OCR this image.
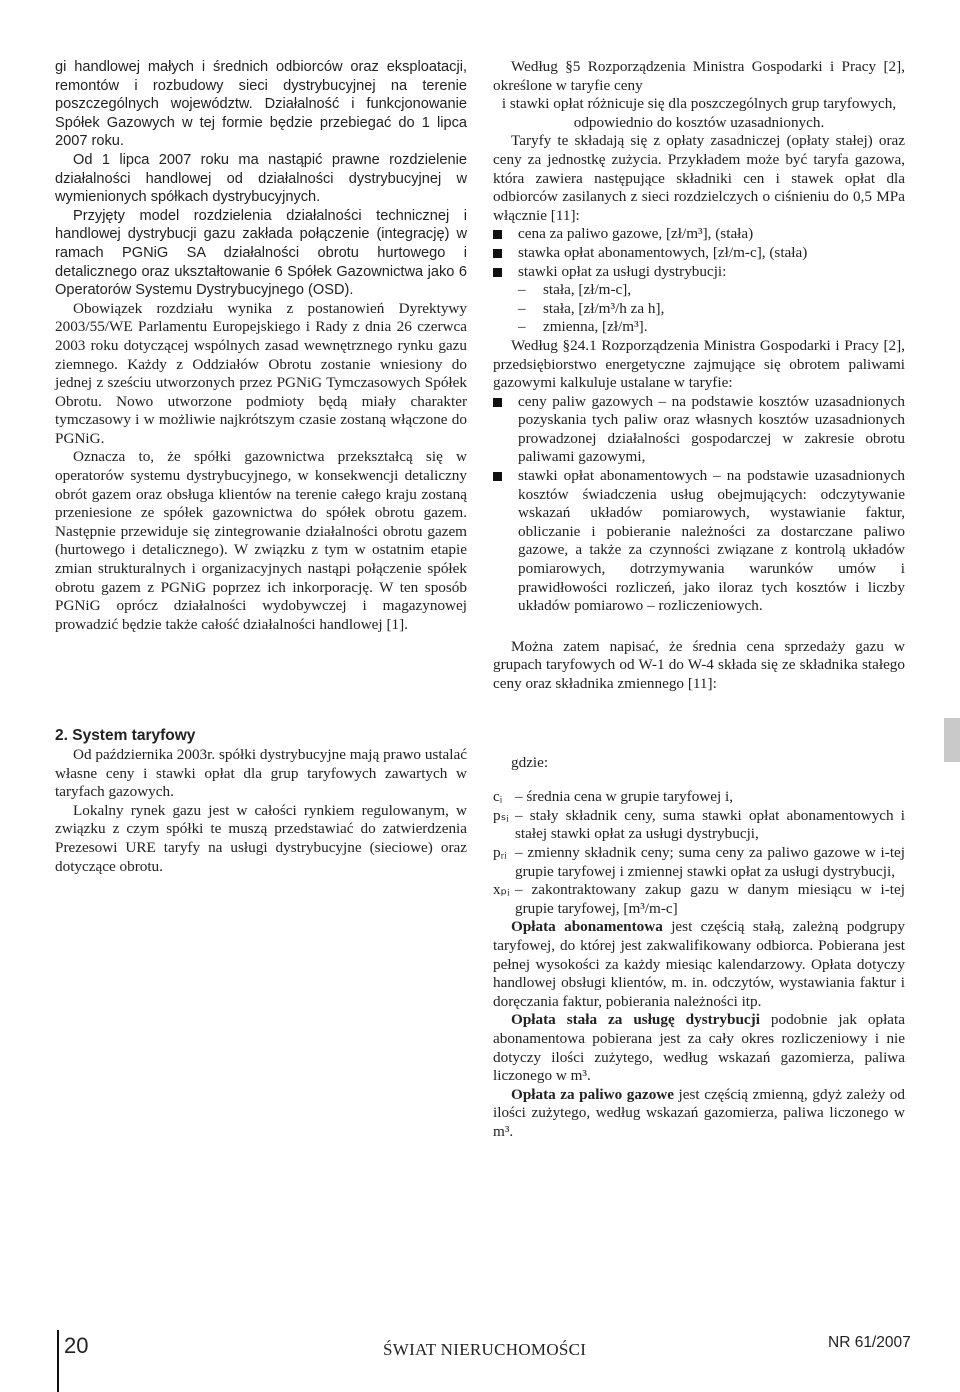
gi handlowej małych i średnich odbiorców oraz eksploatacji, remontów i rozbudowy sieci dystrybucyjnej na terenie poszczególnych województw. Działalność i funkcjonowanie Spółek Gazowych w tej formie będzie przebiegać do 1 lipca 2007 roku.

Od 1 lipca 2007 roku ma nastąpić prawne rozdzielenie działalności handlowej od działalności dystrybucyjnej w wymienionych spółkach dystrybucyjnych.

Przyjęty model rozdzielenia działalności technicznej i handlowej dystrybucji gazu zakłada połączenie (integrację) w ramach PGNiG SA działalności obrotu hurtowego i detalicznego oraz ukształtowanie 6 Spółek Gazownictwa jako 6 Operatorów Systemu Dystrybucyjnego (OSD).

Obowiązek rozdziału wynika z postanowień Dyrektywy 2003/55/WE Parlamentu Europejskiego i Rady z dnia 26 czerwca 2003 roku dotyczącej wspólnych zasad wewnętrznego rynku gazu ziemnego. Każdy z Oddziałów Obrotu zostanie wniesiony do jednej z sześciu utworzonych przez PGNiG Tymczasowych Spółek Obrotu. Nowo utworzone podmioty będą miały charakter tymczasowy i w możliwie najkrótszym czasie zostaną włączone do PGNiG.

Oznacza to, że spółki gazownictwa przekształcą się w operatorów systemu dystrybucyjnego, w konsekwencji detaliczny obrót gazem oraz obsługa klientów na terenie całego kraju zostaną przeniesione ze spółek gazownictwa do spółek obrotu gazem. Następnie przewiduje się zintegrowanie działalności obrotu gazem (hurtowego i detalicznego). W związku z tym w ostatnim etapie zmian strukturalnych i organizacyjnych nastąpi połączenie spółek obrotu gazem z PGNiG poprzez ich inkorporację. W ten sposób PGNiG oprócz działalności wydobywczej i magazynowej prowadzić będzie także całość działalności handlowej [1].

2. System taryfowy

Od października 2003r. spółki dystrybucyjne mają prawo ustalać własne ceny i stawki opłat dla grup taryfowych zawartych w taryfach gazowych.

Lokalny rynek gazu jest w całości rynkiem regulowanym, w związku z czym spółki te muszą przedstawiać do zatwierdzenia Prezesowi URE taryfy na usługi dystrybucyjne (sieciowe) oraz dotyczące obrotu.

Według §5 Rozporządzenia Ministra Gospodarki i Pracy [2], określone w taryfie ceny

i stawki opłat różnicuje się dla poszczególnych grup taryfowych, odpowiednio do kosztów uzasadnionych.

Taryfy te składają się z opłaty zasadniczej (opłaty stałej) oraz ceny za jednostkę zużycia. Przykładem może być taryfa gazowa, która zawiera następujące składniki cen i stawek opłat dla odbiorców zasilanych z sieci rozdzielczych o ciśnieniu do 0,5 MPa włącznie [11]:

cena za paliwo gazowe, [zł/m³], (stała)
stawka opłat abonamentowych, [zł/m-c], (stała)
stawki opłat za usługi dystrybucji:
– stała, [zł/m-c],
– stała, [zł/m³/h za h],
– zmienna, [zł/m³].

Według §24.1 Rozporządzenia Ministra Gospodarki i Pracy [2], przedsiębiorstwo energetyczne zajmujące się obrotem paliwami gazowymi kalkuluje ustalane w taryfie:

ceny paliw gazowych – na podstawie kosztów uzasadnionych pozyskania tych paliw oraz własnych kosztów uzasadnionych prowadzonej działalności gospodarczej w zakresie obrotu paliwami gazowymi,
stawki opłat abonamentowych – na podstawie uzasadnionych kosztów świadczenia usług obejmujących: odczytywanie wskazań układów pomiarowych, wystawianie faktur, obliczanie i pobieranie należności za dostarczane paliwo gazowe, a także za czynności związane z kontrolą układów pomiarowych, dotrzymywania warunków umów i prawidłowości rozliczeń, jako iloraz tych kosztów i liczby układów pomiarowo – rozliczeniowych.

Można zatem napisać, że średnia cena sprzedaży gazu w grupach taryfowych od W-1 do W-4 składa się ze składnika stałego ceny oraz składnika zmiennego [11]:

gdzie:

cᵢ – średnia cena w grupie taryfowej i,
pₛᵢ – stały składnik ceny, suma stawki opłat abonamentowych i stałej stawki opłat za usługi dystrybucji,
pᵣᵢ – zmienny składnik ceny; suma ceny za paliwo gazowe w i-tej grupie taryfowej i zmiennej stawki opłat za usługi dystrybucji,
xₚᵢ – zakontraktowany zakup gazu w danym miesiącu w i-tej grupie taryfowej, [m³/m-c]

Opłata abonamentowa jest częścią stałą, zależną podgrupy taryfowej, do której jest zakwalifikowany odbiorca. Pobierana jest pełnej wysokości za każdy miesiąc kalendarzowy. Opłata dotyczy handlowej obsługi klientów, m. in. odczytów, wystawiania faktur i doręczania faktur, pobierania należności itp.

Opłata stała za usługę dystrybucji podobnie jak opłata abonamentowa pobierana jest za cały okres rozliczeniowy i nie dotyczy ilości zużytego, według wskazań gazomierza, paliwa liczonego w m³.

Opłata za paliwo gazowe jest częścią zmienną, gdyż zależy od ilości zużytego, według wskazań gazomierza, paliwa liczonego w m³.

20	ŚWIAT NIERUCHOMOŚCI	NR 61/2007
